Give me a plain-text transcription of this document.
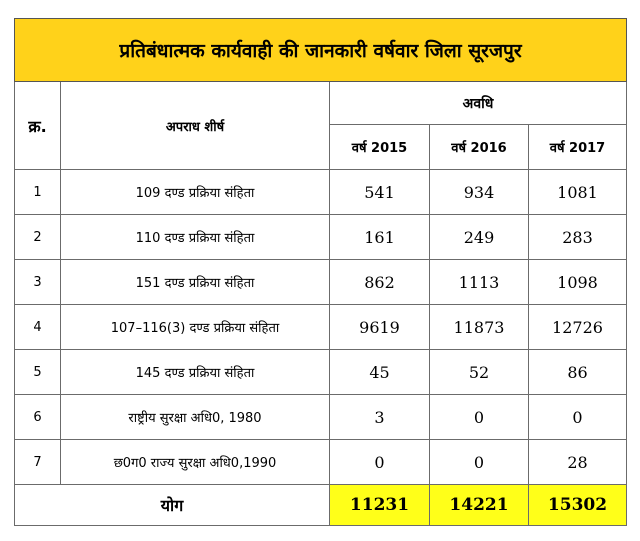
प्रतिबंधात्मक कार्यवाही की जानकारी वर्षवार जिला सूरजपुर				
क्र.	अपराध शीर्ष	अवधि		
		वर्ष 2015	वर्ष 2016	वर्ष 2017
1	109 दण्ड प्रक्रिया संहिता	541	934	1081
2	110 दण्ड प्रक्रिया संहिता	161	249	283
3	151 दण्ड प्रक्रिया संहिता	862	1113	1098
4	107–116(3) दण्ड प्रक्रिया संहिता	9619	11873	12726
5	145 दण्ड प्रक्रिया संहिता	45	52	86
6	राष्ट्रीय सुरक्षा अधि0, 1980	3	0	0
7	छ0ग0 राज्य सुरक्षा अधि0,1990	0	0	28
योग		11231	14221	15302
